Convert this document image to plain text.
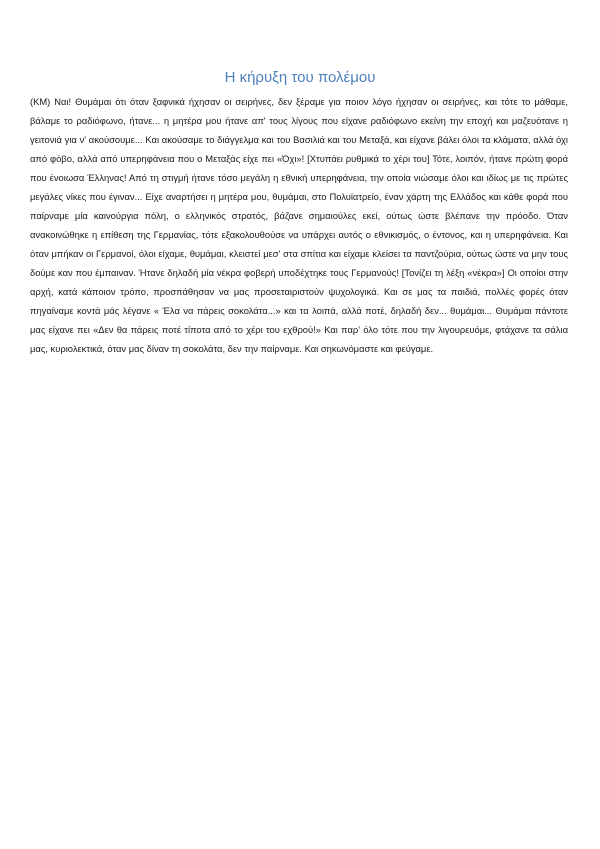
Η κήρυξη του πολέμου

(ΚΜ) Ναι! Θυμάμαι ότι όταν ξαφνικά ήχησαν οι σειρήνες, δεν ξέραμε για ποιον λόγο ήχησαν οι σειρήνες, και τότε το μάθαμε, βάλαμε το ραδιόφωνο, ήτανε... η μητέρα μου ήτανε απ' τους λίγους που είχανε ραδιόφωνο εκείνη την εποχή και μαζευότανε η γειτονιά για ν' ακούσουμε... Και ακούσαμε το διάγγελμα και του Βασιλιά και του Μεταξά, και είχανε βάλει όλοι τα κλάματα, αλλά όχι από φόβο, αλλά από υπερηφάνεια που ο Μεταξάς είχε πει «Όχι»! [Χτυπάει ρυθμικά το χέρι του] Τότε, λοιπόν, ήτανε πρώτη φορά που ένοιωσα Έλληνας! Από τη στιγμή ήτανε τόσο μεγάλη η εθνική υπερηφάνεια, την οποία νιώσαμε όλοι και ιδίως με τις πρώτες μεγάλες νίκες που έγιναν... Είχε αναρτήσει η μητέρα μου, θυμάμαι, στο Πολυϊατρείο, έναν χάρτη της Ελλάδος και κάθε φορά που παίρναμε μία καινούργια πόλη, ο ελληνικός στρατός, βάζανε σημαιούλες εκεί, ούτως ώστε βλέπανε την πρόοδο. Όταν ανακοινώθηκε η επίθεση της Γερμανίας, τότε εξακολουθούσε να υπάρχει αυτός ο εθνικισμός, ο έντονος, και η υπερηφάνεια. Και όταν μπήκαν οι Γερμανοί, όλοι είχαμε, θυμάμαι, κλειστεί μεσ' στα σπίτια και είχαμε κλείσει τα παντζούρια, ούτως ώστε να μην τους δούμε καν που έμπαιναν. Ήτανε δηλαδή μία νέκρα φοβερή υποδέχτηκε τους Γερμανούς! [Τονίζει τη λέξη «νέκρα»] Οι οποίοι στην αρχή, κατά κάποιον τρόπο, προσπάθησαν να μας προσεταιριστούν ψυχολογικά. Και σε μας τα παιδιά, πολλές φορές όταν πηγαίναμε κοντά μάς λέγανε « Έλα να πάρεις σοκολάτα...» και τα λοιπά, αλλά ποτέ, δηλαδή δεν... θυμάμαι... Θυμάμαι πάντοτε μας είχανε πει «Δεν θα πάρεις ποτέ τίποτα από το χέρι του εχθρού!» Και παρ' όλο τότε που την λιγουρευόμε, φτάχανε τα σάλια μας, κυριολεκτικά, όταν μας δίναν τη σοκολάτα, δεν την παίρναμε. Και σηκωνόμαστε και φεύγαμε.
